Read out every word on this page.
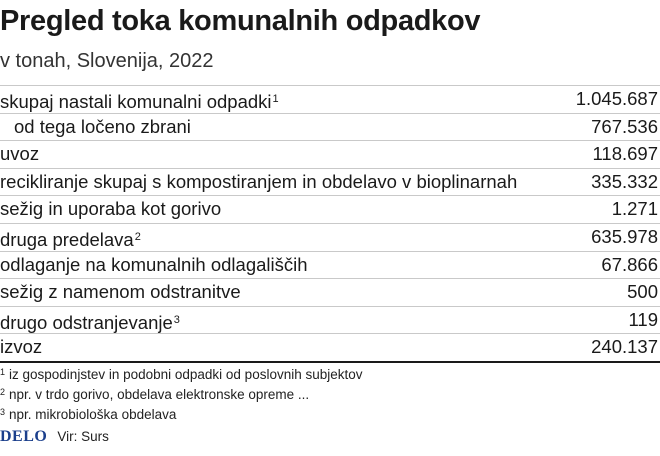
Pregled toka komunalnih odpadkov
v tonah, Slovenija, 2022
skupaj nastali komunalni odpadki$^1$	1.045.687
od tega ločeno zbrani	767.536
uvoz	118.697
recikliranje skupaj s kompostiranjem in obdelavo v bioplinarnah	335.332
sežig in uporaba kot gorivo	1.271
druga predelava$^2$	635.978
odlaganje na komunalnih odlagališčih	67.866
sežig z namenom odstranitve	500
drugo odstranjevanje$^3$	119
izvoz	240.137
$^1$ iz gospodinjstev in podobni odpadki od poslovnih subjektov
$^2$ npr. v trdo gorivo, obdelava elektronske opreme ...
$^3$ npr. mikrobiološka obdelava
DELO Vir: Surs
